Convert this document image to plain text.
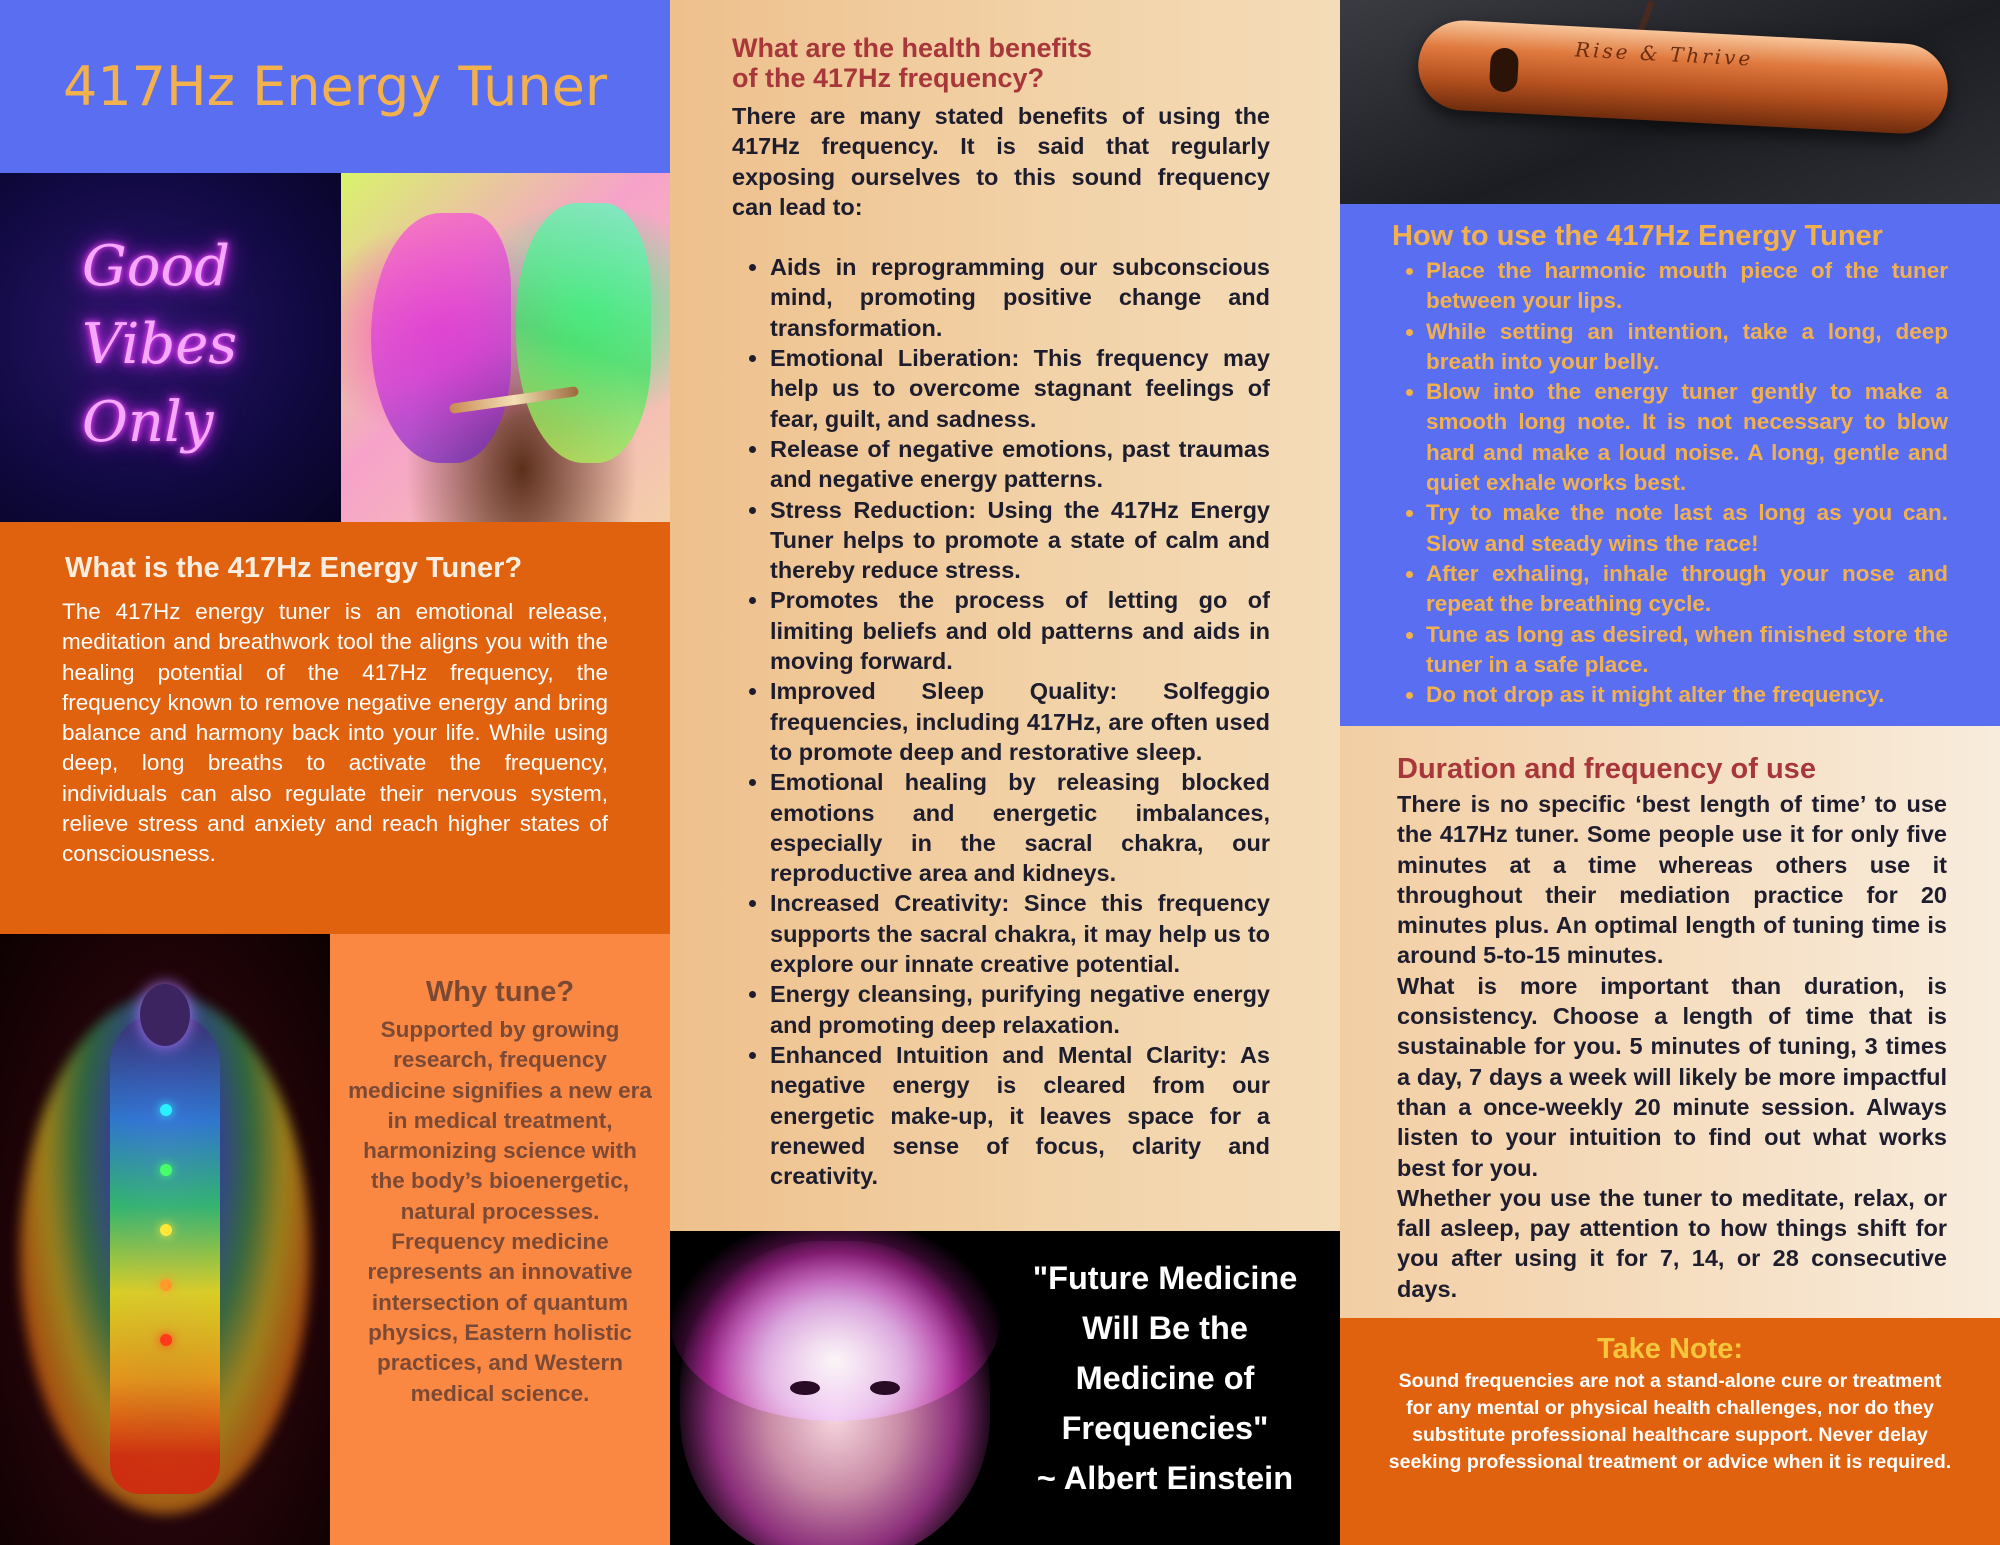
417Hz Energy Tuner
Good
Vibes
Only
What is the 417Hz Energy Tuner?

The 417Hz energy tuner is an emotional release, meditation and breathwork tool the aligns you with the healing potential of the 417Hz frequency, the frequency known to remove negative energy and bring balance and harmony back into your life. While using deep, long breaths to activate the frequency, individuals can also regulate their nervous system, relieve stress and anxiety and reach higher states of consciousness.

Why tune?

Supported by growing research, frequency medicine signifies a new era in medical treatment, harmonizing science with the body’s bioenergetic, natural processes. Frequency medicine represents an innovative intersection of quantum physics, Eastern holistic practices, and Western medical science.

What are the health benefits
of the 417Hz frequency?

There are many stated benefits of using the 417Hz frequency. It is said that regularly exposing ourselves to this sound frequency can lead to:

• Aids in reprogramming our subconscious mind, promoting positive change and transformation.
• Emotional Liberation: This frequency may help us to overcome stagnant feelings of fear, guilt, and sadness.
• Release of negative emotions, past traumas and negative energy patterns.
• Stress Reduction: Using the 417Hz Energy Tuner helps to promote a state of calm and thereby reduce stress.
• Promotes the process of letting go of limiting beliefs and old patterns and aids in moving forward.
• Improved Sleep Quality: Solfeggio frequencies, including 417Hz, are often used to promote deep and restorative sleep.
• Emotional healing by releasing blocked emotions and energetic imbalances, especially in the sacral chakra, our reproductive area and kidneys.
• Increased Creativity: Since this frequency supports the sacral chakra, it may help us to explore our innate creative potential.
• Energy cleansing, purifying negative energy and promoting deep relaxation.
• Enhanced Intuition and Mental Clarity: As negative energy is cleared from our energetic make-up, it leaves space for a renewed sense of focus, clarity and creativity.
"Future Medicine
Will Be the
Medicine of
Frequencies"
~ Albert Einstein
Rise & Thrive
How to use the 417Hz Energy Tuner
• Place the harmonic mouth piece of the tuner between your lips.
• While setting an intention, take a long, deep breath into your belly.
• Blow into the energy tuner gently to make a smooth long note. It is not necessary to blow hard and make a loud noise. A long, gentle and quiet exhale works best.
• Try to make the note last as long as you can. Slow and steady wins the race!
• After exhaling, inhale through your nose and repeat the breathing cycle.
• Tune as long as desired, when finished store the tuner in a safe place.
• Do not drop as it might alter the frequency.
Duration and frequency of use

There is no specific ‘best length of time’ to use the 417Hz tuner. Some people use it for only five minutes at a time whereas others use it throughout their mediation practice for 20 minutes plus. An optimal length of tuning time is around 5-to-15 minutes.

What is more important than duration, is consistency. Choose a length of time that is sustainable for you. 5 minutes of tuning, 3 times a day, 7 days a week will likely be more impactful than a once-weekly 20 minute session. Always listen to your intuition to find out what works best for you.

Whether you use the tuner to meditate, relax, or fall asleep, pay attention to how things shift for you after using it for 7, 14, or 28 consecutive days.

Take Note:

Sound frequencies are not a stand-alone cure or treatment for any mental or physical health challenges, nor do they substitute professional healthcare support. Never delay seeking professional treatment or advice when it is required.
